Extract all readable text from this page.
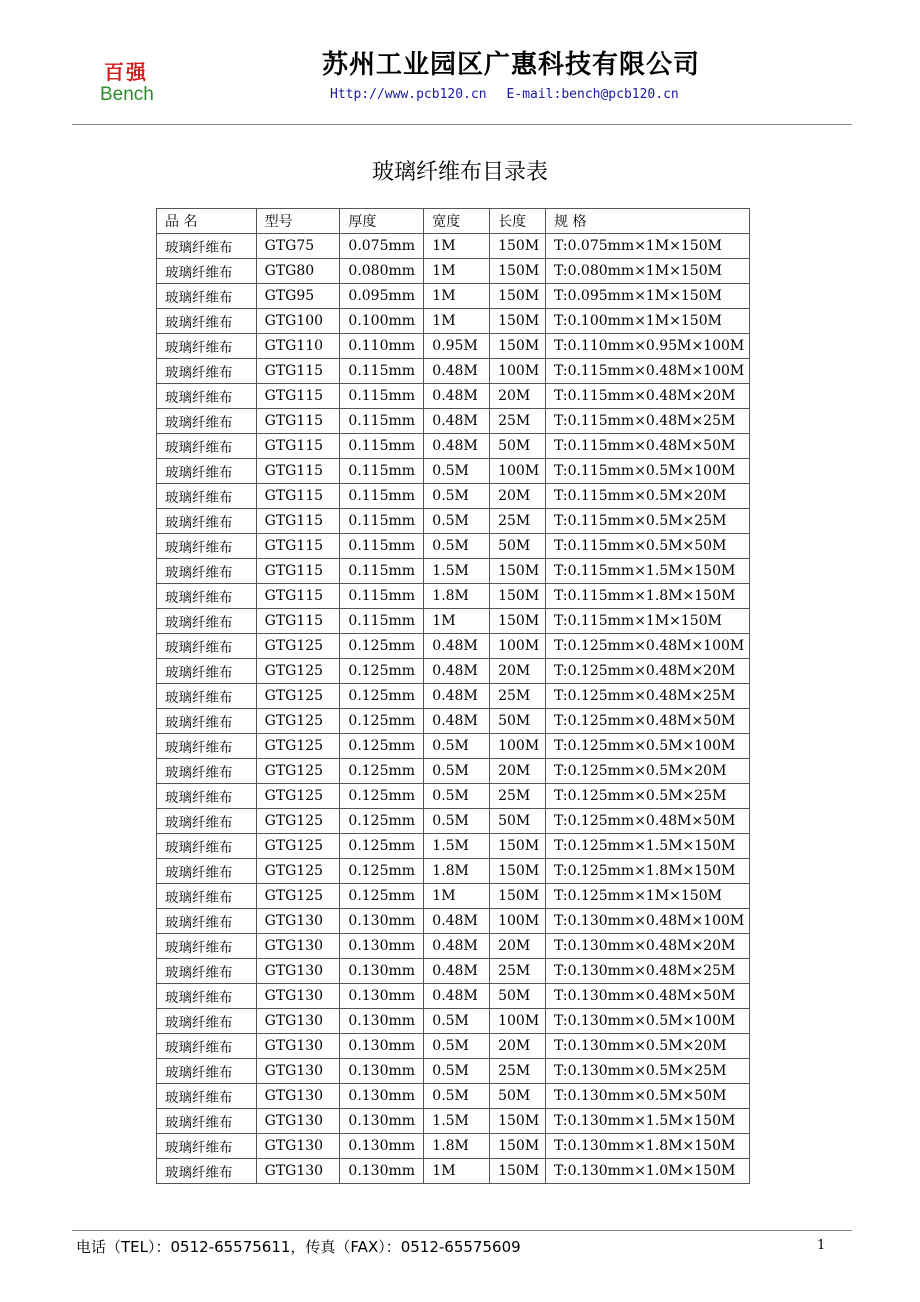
百强
Bench
苏州工业园区广惠科技有限公司
Http://www.pcb120.cn E-mail:bench@pcb120.cn
玻璃纤维布目录表
品 名	型号	厚度	宽度	长度	规 格
玻璃纤维布	GTG75	0.075mm	1M	150M	T:0.075mm×1M×150M
玻璃纤维布	GTG80	0.080mm	1M	150M	T:0.080mm×1M×150M
玻璃纤维布	GTG95	0.095mm	1M	150M	T:0.095mm×1M×150M
玻璃纤维布	GTG100	0.100mm	1M	150M	T:0.100mm×1M×150M
玻璃纤维布	GTG110	0.110mm	0.95M	150M	T:0.110mm×0.95M×100M
玻璃纤维布	GTG115	0.115mm	0.48M	100M	T:0.115mm×0.48M×100M
玻璃纤维布	GTG115	0.115mm	0.48M	20M	T:0.115mm×0.48M×20M
玻璃纤维布	GTG115	0.115mm	0.48M	25M	T:0.115mm×0.48M×25M
玻璃纤维布	GTG115	0.115mm	0.48M	50M	T:0.115mm×0.48M×50M
玻璃纤维布	GTG115	0.115mm	0.5M	100M	T:0.115mm×0.5M×100M
玻璃纤维布	GTG115	0.115mm	0.5M	20M	T:0.115mm×0.5M×20M
玻璃纤维布	GTG115	0.115mm	0.5M	25M	T:0.115mm×0.5M×25M
玻璃纤维布	GTG115	0.115mm	0.5M	50M	T:0.115mm×0.5M×50M
玻璃纤维布	GTG115	0.115mm	1.5M	150M	T:0.115mm×1.5M×150M
玻璃纤维布	GTG115	0.115mm	1.8M	150M	T:0.115mm×1.8M×150M
玻璃纤维布	GTG115	0.115mm	1M	150M	T:0.115mm×1M×150M
玻璃纤维布	GTG125	0.125mm	0.48M	100M	T:0.125mm×0.48M×100M
玻璃纤维布	GTG125	0.125mm	0.48M	20M	T:0.125mm×0.48M×20M
玻璃纤维布	GTG125	0.125mm	0.48M	25M	T:0.125mm×0.48M×25M
玻璃纤维布	GTG125	0.125mm	0.48M	50M	T:0.125mm×0.48M×50M
玻璃纤维布	GTG125	0.125mm	0.5M	100M	T:0.125mm×0.5M×100M
玻璃纤维布	GTG125	0.125mm	0.5M	20M	T:0.125mm×0.5M×20M
玻璃纤维布	GTG125	0.125mm	0.5M	25M	T:0.125mm×0.5M×25M
玻璃纤维布	GTG125	0.125mm	0.5M	50M	T:0.125mm×0.48M×50M
玻璃纤维布	GTG125	0.125mm	1.5M	150M	T:0.125mm×1.5M×150M
玻璃纤维布	GTG125	0.125mm	1.8M	150M	T:0.125mm×1.8M×150M
玻璃纤维布	GTG125	0.125mm	1M	150M	T:0.125mm×1M×150M
玻璃纤维布	GTG130	0.130mm	0.48M	100M	T:0.130mm×0.48M×100M
玻璃纤维布	GTG130	0.130mm	0.48M	20M	T:0.130mm×0.48M×20M
玻璃纤维布	GTG130	0.130mm	0.48M	25M	T:0.130mm×0.48M×25M
玻璃纤维布	GTG130	0.130mm	0.48M	50M	T:0.130mm×0.48M×50M
玻璃纤维布	GTG130	0.130mm	0.5M	100M	T:0.130mm×0.5M×100M
玻璃纤维布	GTG130	0.130mm	0.5M	20M	T:0.130mm×0.5M×20M
玻璃纤维布	GTG130	0.130mm	0.5M	25M	T:0.130mm×0.5M×25M
玻璃纤维布	GTG130	0.130mm	0.5M	50M	T:0.130mm×0.5M×50M
玻璃纤维布	GTG130	0.130mm	1.5M	150M	T:0.130mm×1.5M×150M
玻璃纤维布	GTG130	0.130mm	1.8M	150M	T:0.130mm×1.8M×150M
玻璃纤维布	GTG130	0.130mm	1M	150M	T:0.130mm×1.0M×150M
电话（TEL）：0512-65575611，传真（FAX）：0512-65575609	1
